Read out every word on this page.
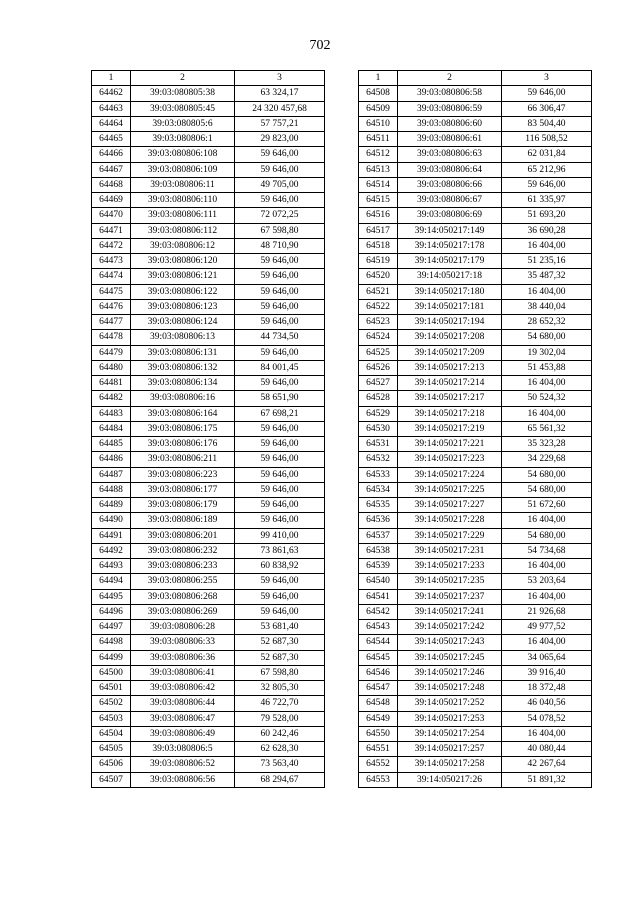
702
1	2	3
64462	39:03:080805:38	63 324,17
64463	39:03:080805:45	24 320 457,68
64464	39:03:080805:6	57 757,21
64465	39:03:080806:1	29 823,00
64466	39:03:080806:108	59 646,00
64467	39:03:080806:109	59 646,00
64468	39:03:080806:11	49 705,00
64469	39:03:080806:110	59 646,00
64470	39:03:080806:111	72 072,25
64471	39:03:080806:112	67 598,80
64472	39:03:080806:12	48 710,90
64473	39:03:080806:120	59 646,00
64474	39:03:080806:121	59 646,00
64475	39:03:080806:122	59 646,00
64476	39:03:080806:123	59 646,00
64477	39:03:080806:124	59 646,00
64478	39:03:080806:13	44 734,50
64479	39:03:080806:131	59 646,00
64480	39:03:080806:132	84 001,45
64481	39:03:080806:134	59 646,00
64482	39:03:080806:16	58 651,90
64483	39:03:080806:164	67 698,21
64484	39:03:080806:175	59 646,00
64485	39:03:080806:176	59 646,00
64486	39:03:080806:211	59 646,00
64487	39:03:080806:223	59 646,00
64488	39:03:080806:177	59 646,00
64489	39:03:080806:179	59 646,00
64490	39:03:080806:189	59 646,00
64491	39:03:080806:201	99 410,00
64492	39:03:080806:232	73 861,63
64493	39:03:080806:233	60 838,92
64494	39:03:080806:255	59 646,00
64495	39:03:080806:268	59 646,00
64496	39:03:080806:269	59 646,00
64497	39:03:080806:28	53 681,40
64498	39:03:080806:33	52 687,30
64499	39:03:080806:36	52 687,30
64500	39:03:080806:41	67 598,80
64501	39:03:080806:42	32 805,30
64502	39:03:080806:44	46 722,70
64503	39:03:080806:47	79 528,00
64504	39:03:080806:49	60 242,46
64505	39:03:080806:5	62 628,30
64506	39:03:080806:52	73 563,40
64507	39:03:080806:56	68 294,67
1	2	3
64508	39:03:080806:58	59 646,00
64509	39:03:080806:59	66 306,47
64510	39:03:080806:60	83 504,40
64511	39:03:080806:61	116 508,52
64512	39:03:080806:63	62 031,84
64513	39:03:080806:64	65 212,96
64514	39:03:080806:66	59 646,00
64515	39:03:080806:67	61 335,97
64516	39:03:080806:69	51 693,20
64517	39:14:050217:149	36 690,28
64518	39:14:050217:178	16 404,00
64519	39:14:050217:179	51 235,16
64520	39:14:050217:18	35 487,32
64521	39:14:050217:180	16 404,00
64522	39:14:050217:181	38 440,04
64523	39:14:050217:194	28 652,32
64524	39:14:050217:208	54 680,00
64525	39:14:050217:209	19 302,04
64526	39:14:050217:213	51 453,88
64527	39:14:050217:214	16 404,00
64528	39:14:050217:217	50 524,32
64529	39:14:050217:218	16 404,00
64530	39:14:050217:219	65 561,32
64531	39:14:050217:221	35 323,28
64532	39:14:050217:223	34 229,68
64533	39:14:050217:224	54 680,00
64534	39:14:050217:225	54 680,00
64535	39:14:050217:227	51 672,60
64536	39:14:050217:228	16 404,00
64537	39:14:050217:229	54 680,00
64538	39:14:050217:231	54 734,68
64539	39:14:050217:233	16 404,00
64540	39:14:050217:235	53 203,64
64541	39:14:050217:237	16 404,00
64542	39:14:050217:241	21 926,68
64543	39:14:050217:242	49 977,52
64544	39:14:050217:243	16 404,00
64545	39:14:050217:245	34 065,64
64546	39:14:050217:246	39 916,40
64547	39:14:050217:248	18 372,48
64548	39:14:050217:252	46 040,56
64549	39:14:050217:253	54 078,52
64550	39:14:050217:254	16 404,00
64551	39:14:050217:257	40 080,44
64552	39:14:050217:258	42 267,64
64553	39:14:050217:26	51 891,32
